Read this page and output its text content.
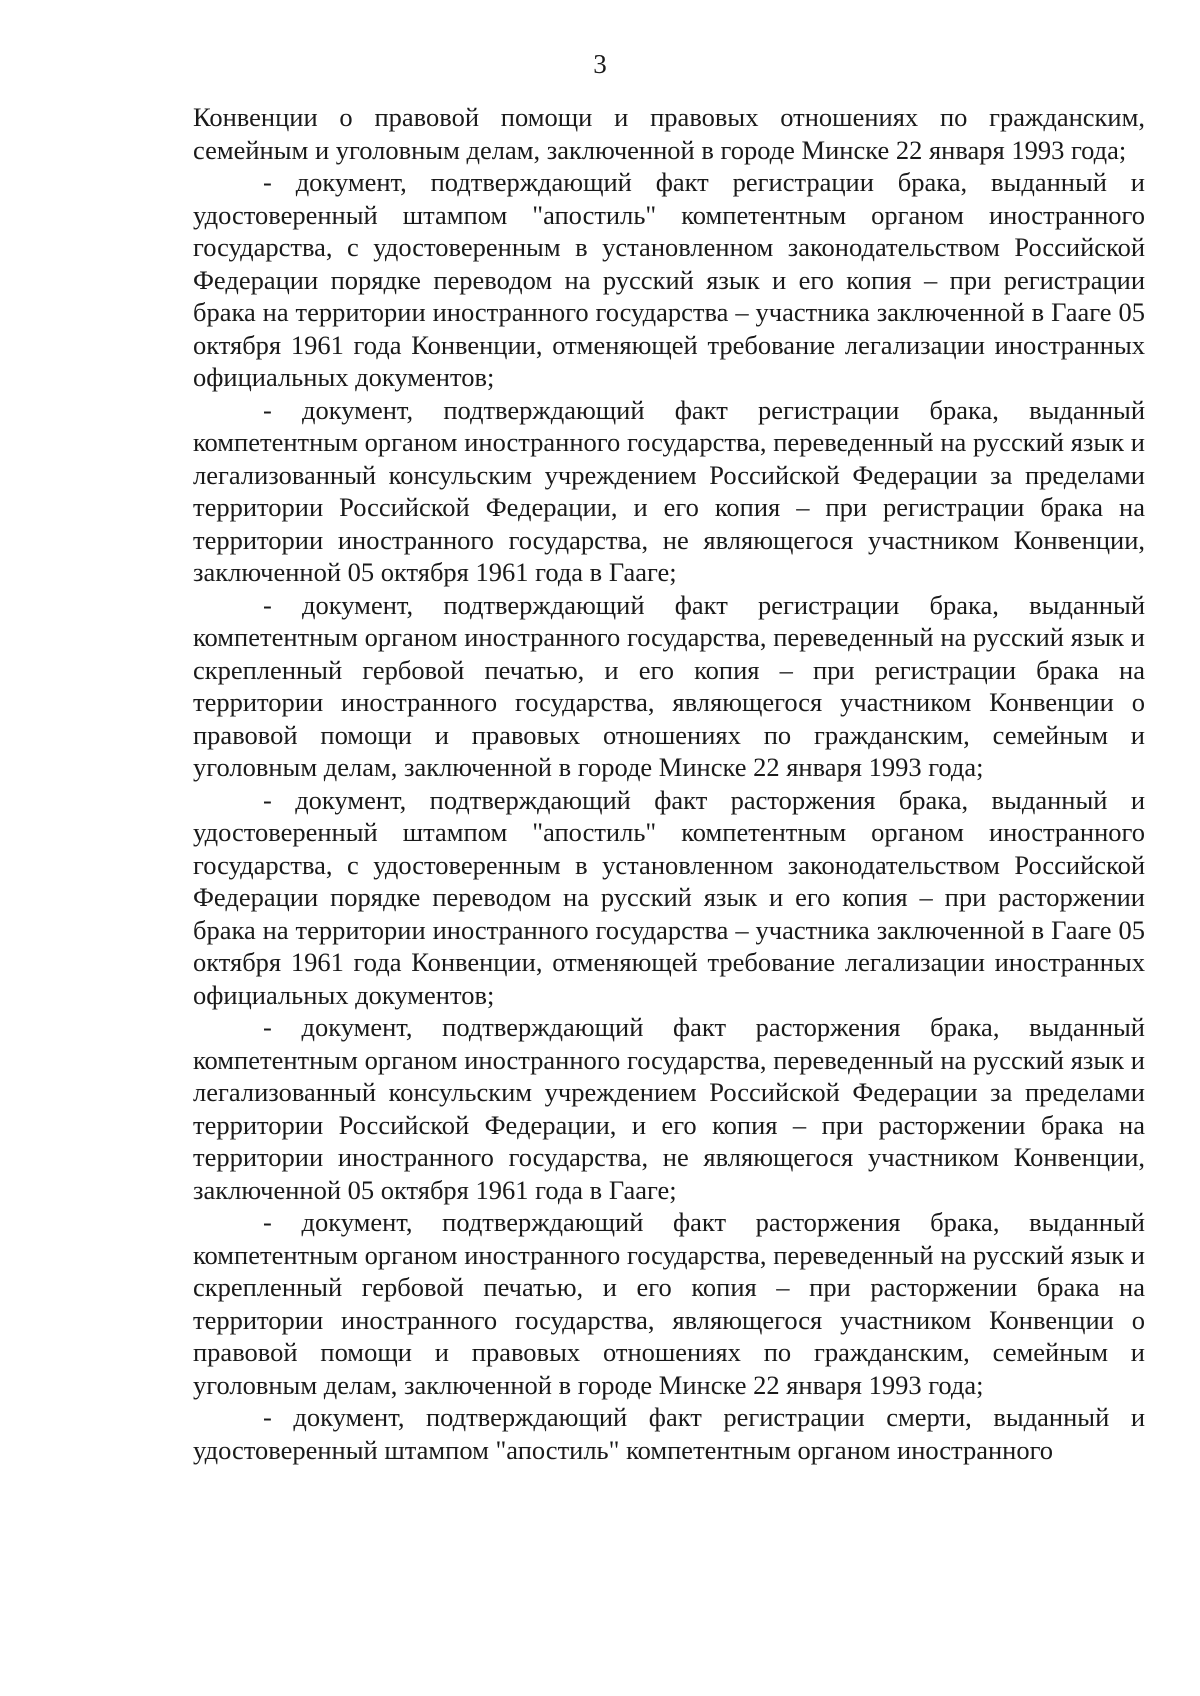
3

Конвенции о правовой помощи и правовых отношениях по гражданским, семейным и уголовным делам, заключенной в городе Минске 22 января 1993 года;

- документ, подтверждающий факт регистрации брака, выданный и удостоверенный штампом "апостиль" компетентным органом иностранного государства, с удостоверенным в установленном законодательством Российской Федерации порядке переводом на русский язык и его копия – при регистрации брака на территории иностранного государства – участника заключенной в Гааге 05 октября 1961 года Конвенции, отменяющей требование легализации иностранных официальных документов;

- документ, подтверждающий факт регистрации брака, выданный компетентным органом иностранного государства, переведенный на русский язык и легализованный консульским учреждением Российской Федерации за пределами территории Российской Федерации, и его копия – при регистрации брака на территории иностранного государства, не являющегося участником Конвенции, заключенной 05 октября 1961 года в Гааге;

- документ, подтверждающий факт регистрации брака, выданный компетентным органом иностранного государства, переведенный на русский язык и скрепленный гербовой печатью, и его копия – при регистрации брака на территории иностранного государства, являющегося участником Конвенции о правовой помощи и правовых отношениях по гражданским, семейным и уголовным делам, заключенной в городе Минске 22 января 1993 года;

- документ, подтверждающий факт расторжения брака, выданный и удостоверенный штампом "апостиль" компетентным органом иностранного государства, с удостоверенным в установленном законодательством Российской Федерации порядке переводом на русский язык и его копия – при расторжении брака на территории иностранного государства – участника заключенной в Гааге 05 октября 1961 года Конвенции, отменяющей требование легализации иностранных официальных документов;

- документ, подтверждающий факт расторжения брака, выданный компетентным органом иностранного государства, переведенный на русский язык и легализованный консульским учреждением Российской Федерации за пределами территории Российской Федерации, и его копия – при расторжении брака на территории иностранного государства, не являющегося участником Конвенции, заключенной 05 октября 1961 года в Гааге;

- документ, подтверждающий факт расторжения брака, выданный компетентным органом иностранного государства, переведенный на русский язык и скрепленный гербовой печатью, и его копия – при расторжении брака на территории иностранного государства, являющегося участником Конвенции о правовой помощи и правовых отношениях по гражданским, семейным и уголовным делам, заключенной в городе Минске 22 января 1993 года;

- документ, подтверждающий факт регистрации смерти, выданный и удостоверенный штампом "апостиль" компетентным органом иностранного
